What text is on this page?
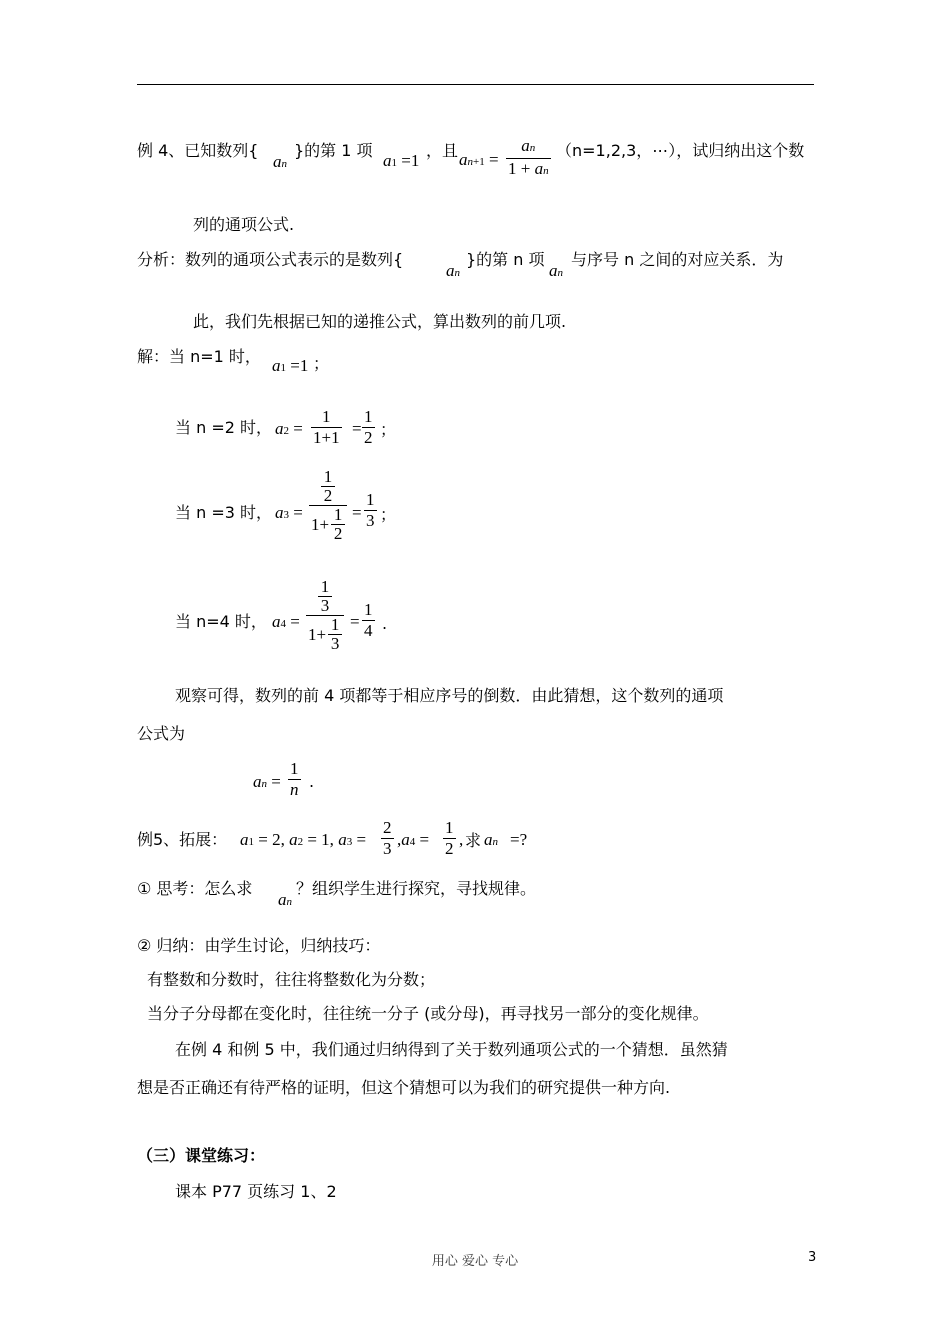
例 4、已知数列{
an
}的第 1 项
a1 =1
，且 an+1 =
an
1 + an
（n=1,2,3，⋯），试归纳出这个数
列的通项公式.
分析：数列的通项公式表示的是数列{
an
}的第 n 项
an
与序号 n 之间的对应关系．为
此，我们先根据已知的递推公式，算出数列的前几项.
解：当 n=1 时， a1 =1 ；
当 n =2 时， a2 =
1
1+1 =
1
2 ；
当 n =3 时， a3 =
1
2
1+ 1
2
=
1
3 ；
当 n=4 时， a4 =
1
3
1+ 1
3
=
1
4 .
观察可得，数列的前 4 项都等于相应序号的倒数．由此猜想，这个数列的通项
公式为
an =
1
n .
例5、拓展： a1 = 2, a2 = 1, a3 =
2
3 ,a4 =
1
2 , 求 an =?
① 思考：怎么求
an
？组织学生进行探究，寻找规律。
② 归纳：由学生讨论，归纳技巧：
有整数和分数时，往往将整数化为分数；
当分子分母都在变化时，往往统一分子 (或分母)，再寻找另一部分的变化规律。
在例 4 和例 5 中，我们通过归纳得到了关于数列通项公式的一个猜想．虽然猜
想是否正确还有待严格的证明，但这个猜想可以为我们的研究提供一种方向.
（三）课堂练习：
课本 P77 页练习 1、2
用心 爱心 专心	3
